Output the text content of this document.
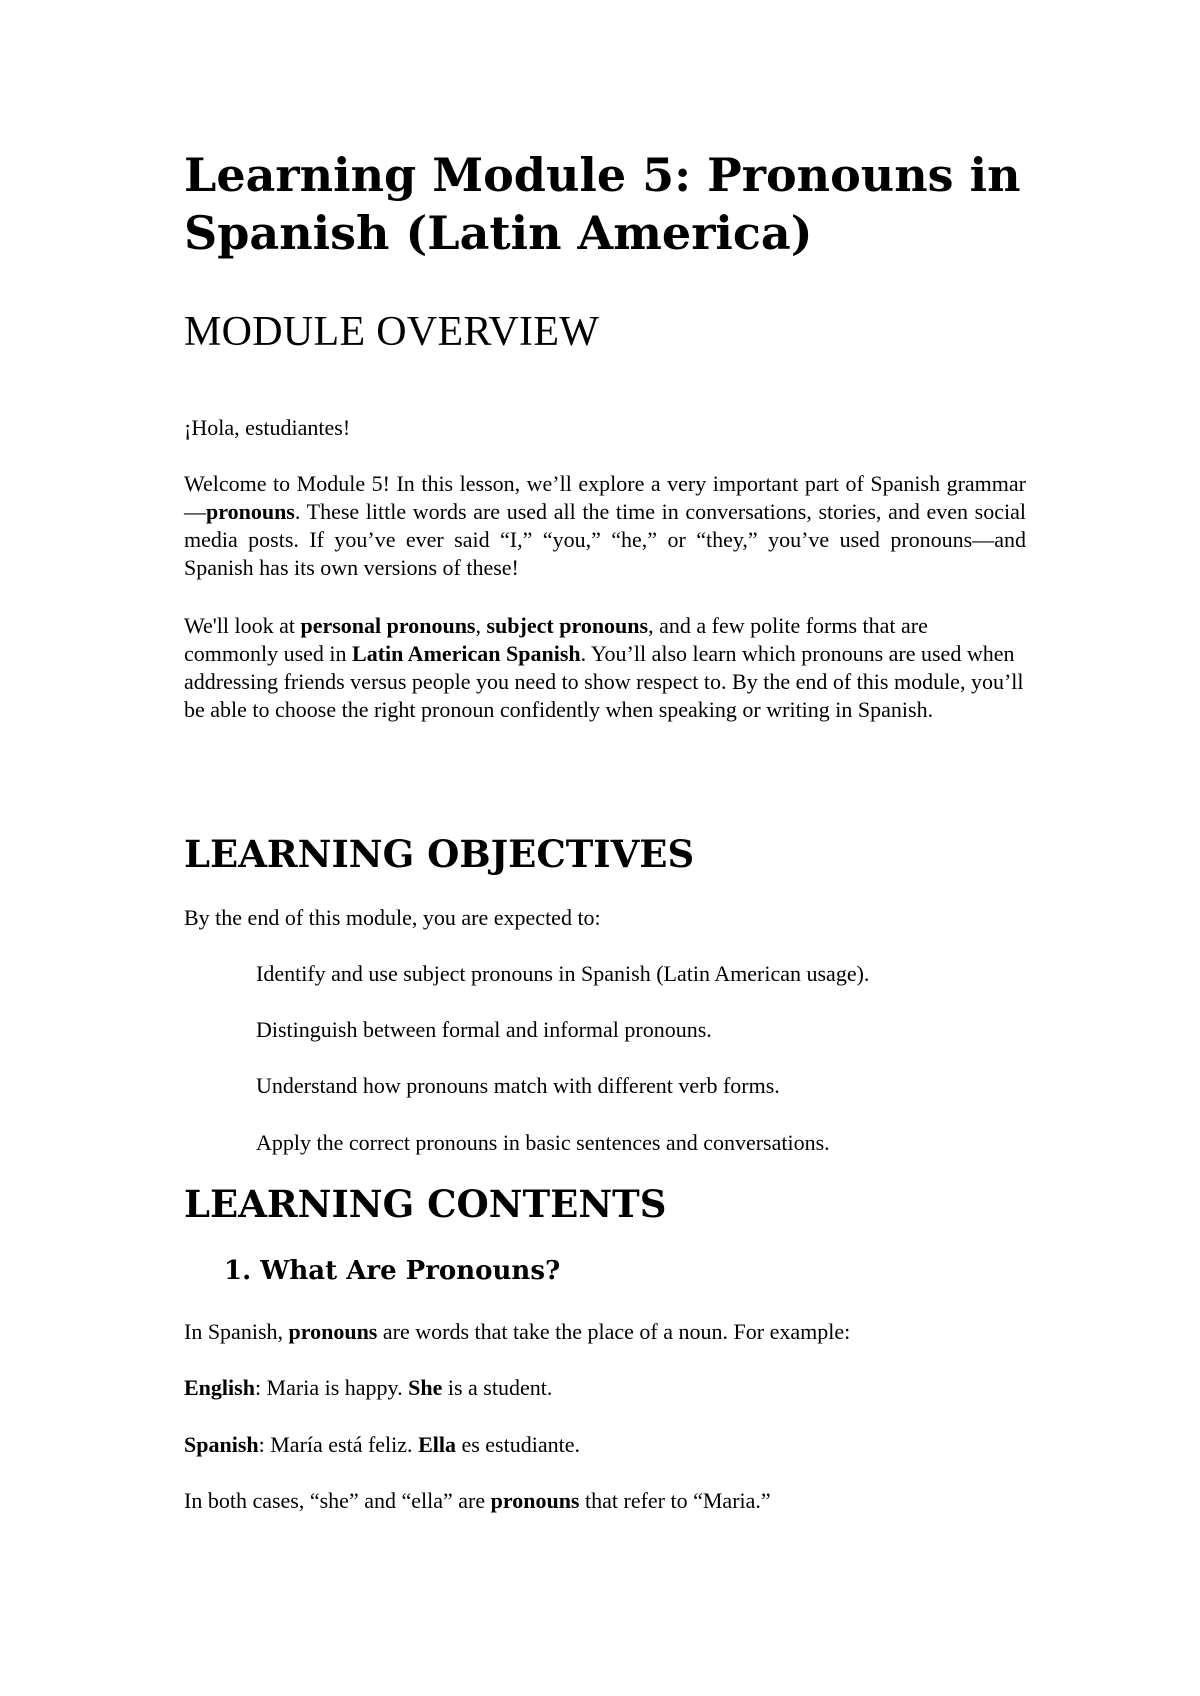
Learning Module 5: Pronouns in Spanish (Latin America)
MODULE OVERVIEW

¡Hola, estudiantes!

Welcome to Module 5! In this lesson, we’ll explore a very important part of Spanish grammar—pronouns. These little words are used all the time in conversations, stories, and even social media posts. If you’ve ever said “I,” “you,” “he,” or “they,” you’ve used pronouns—and Spanish has its own versions of these!

We'll look at personal pronouns, subject pronouns, and a few polite forms that are commonly used in Latin American Spanish. You’ll also learn which pronouns are used when addressing friends versus people you need to show respect to. By the end of this module, you’ll be able to choose the right pronoun confidently when speaking or writing in Spanish.

LEARNING OBJECTIVES

By the end of this module, you are expected to:

Identify and use subject pronouns in Spanish (Latin American usage).

Distinguish between formal and informal pronouns.

Understand how pronouns match with different verb forms.

Apply the correct pronouns in basic sentences and conversations.

LEARNING CONTENTS
1. What Are Pronouns?

In Spanish, pronouns are words that take the place of a noun. For example:

English: Maria is happy. She is a student.

Spanish: María está feliz. Ella es estudiante.

In both cases, “she” and “ella” are pronouns that refer to “Maria.”
